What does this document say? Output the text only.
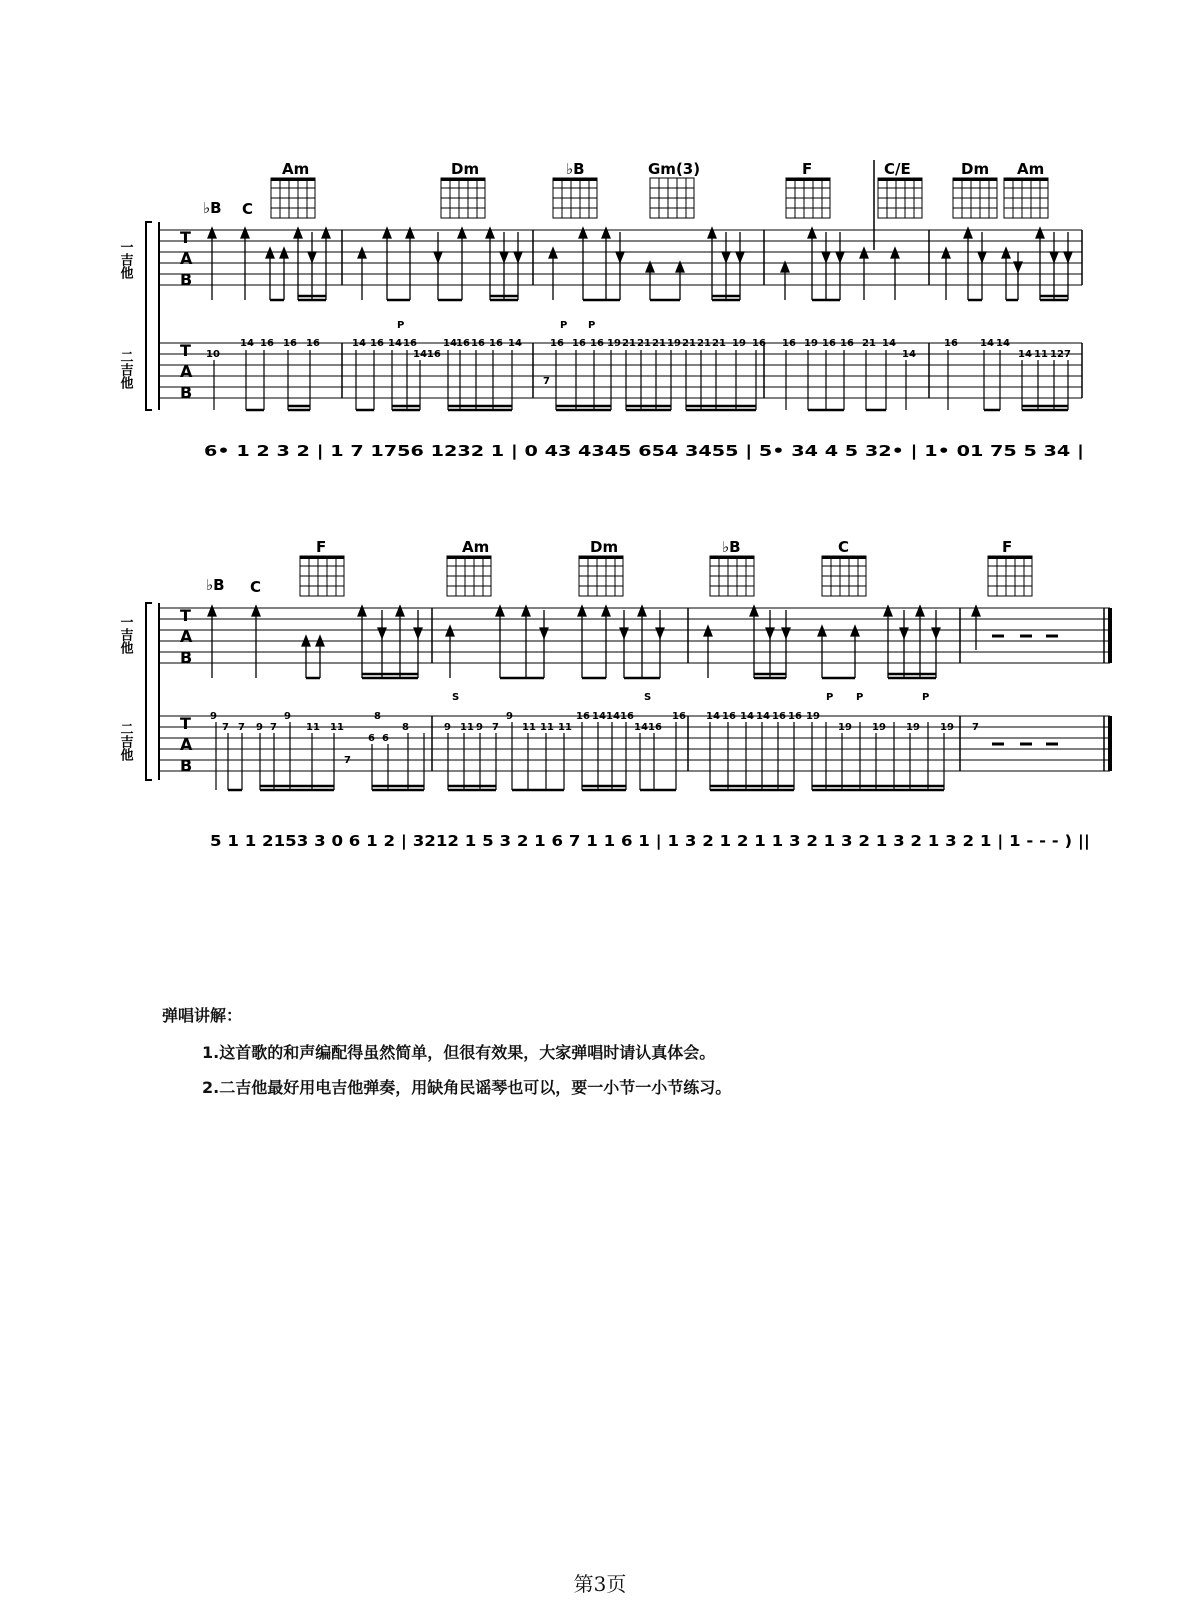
♭B C
Am	Dm	♭B	Gm(3)	F	C/E	Dm Am
一吉他
二吉他
T
A
B
T
A
B
10
14 16 16 16	14 16 14 16
1416
14 16 16 16 14
7
16 16 16 19 21 21 21 19 21 21 21 19 16 16 19 16 16 21 14
14
16 14 14
14 11 12 7
P	P P
6• 1 2 3 2 | 1 7 1756 1232 1 | 0 43 4345 654 3455 | 5• 34 4 5 32• | 1• 01 75 5 34 |
♭B C
F	Am	Dm	♭B	C	F
一吉他
二吉他
T
A
B
T
A
B
9
7 7 9 7
9
11 11
8
6 6
8	9 11 9 7
9
11 11 11
16 14 14 16
14 16
16 14 16 14 14 16 16 19
19 19 19 19 7
7
S	S	P P	P
5 1 1 2153 3 0 6 1 2 | 3212 1 5 3 2 1 6 7 1 1 6 1 | 1 3 2 1 2 1 1 3 2 1 3 2 1 3 2 1 3 2 1 | 1 - - - ) ||
弹唱讲解：
1.这首歌的和声编配得虽然简单，但很有效果，大家弹唱时请认真体会。
2.二吉他最好用电吉他弹奏，用缺角民谣琴也可以，要一小节一小节练习。
第3页
